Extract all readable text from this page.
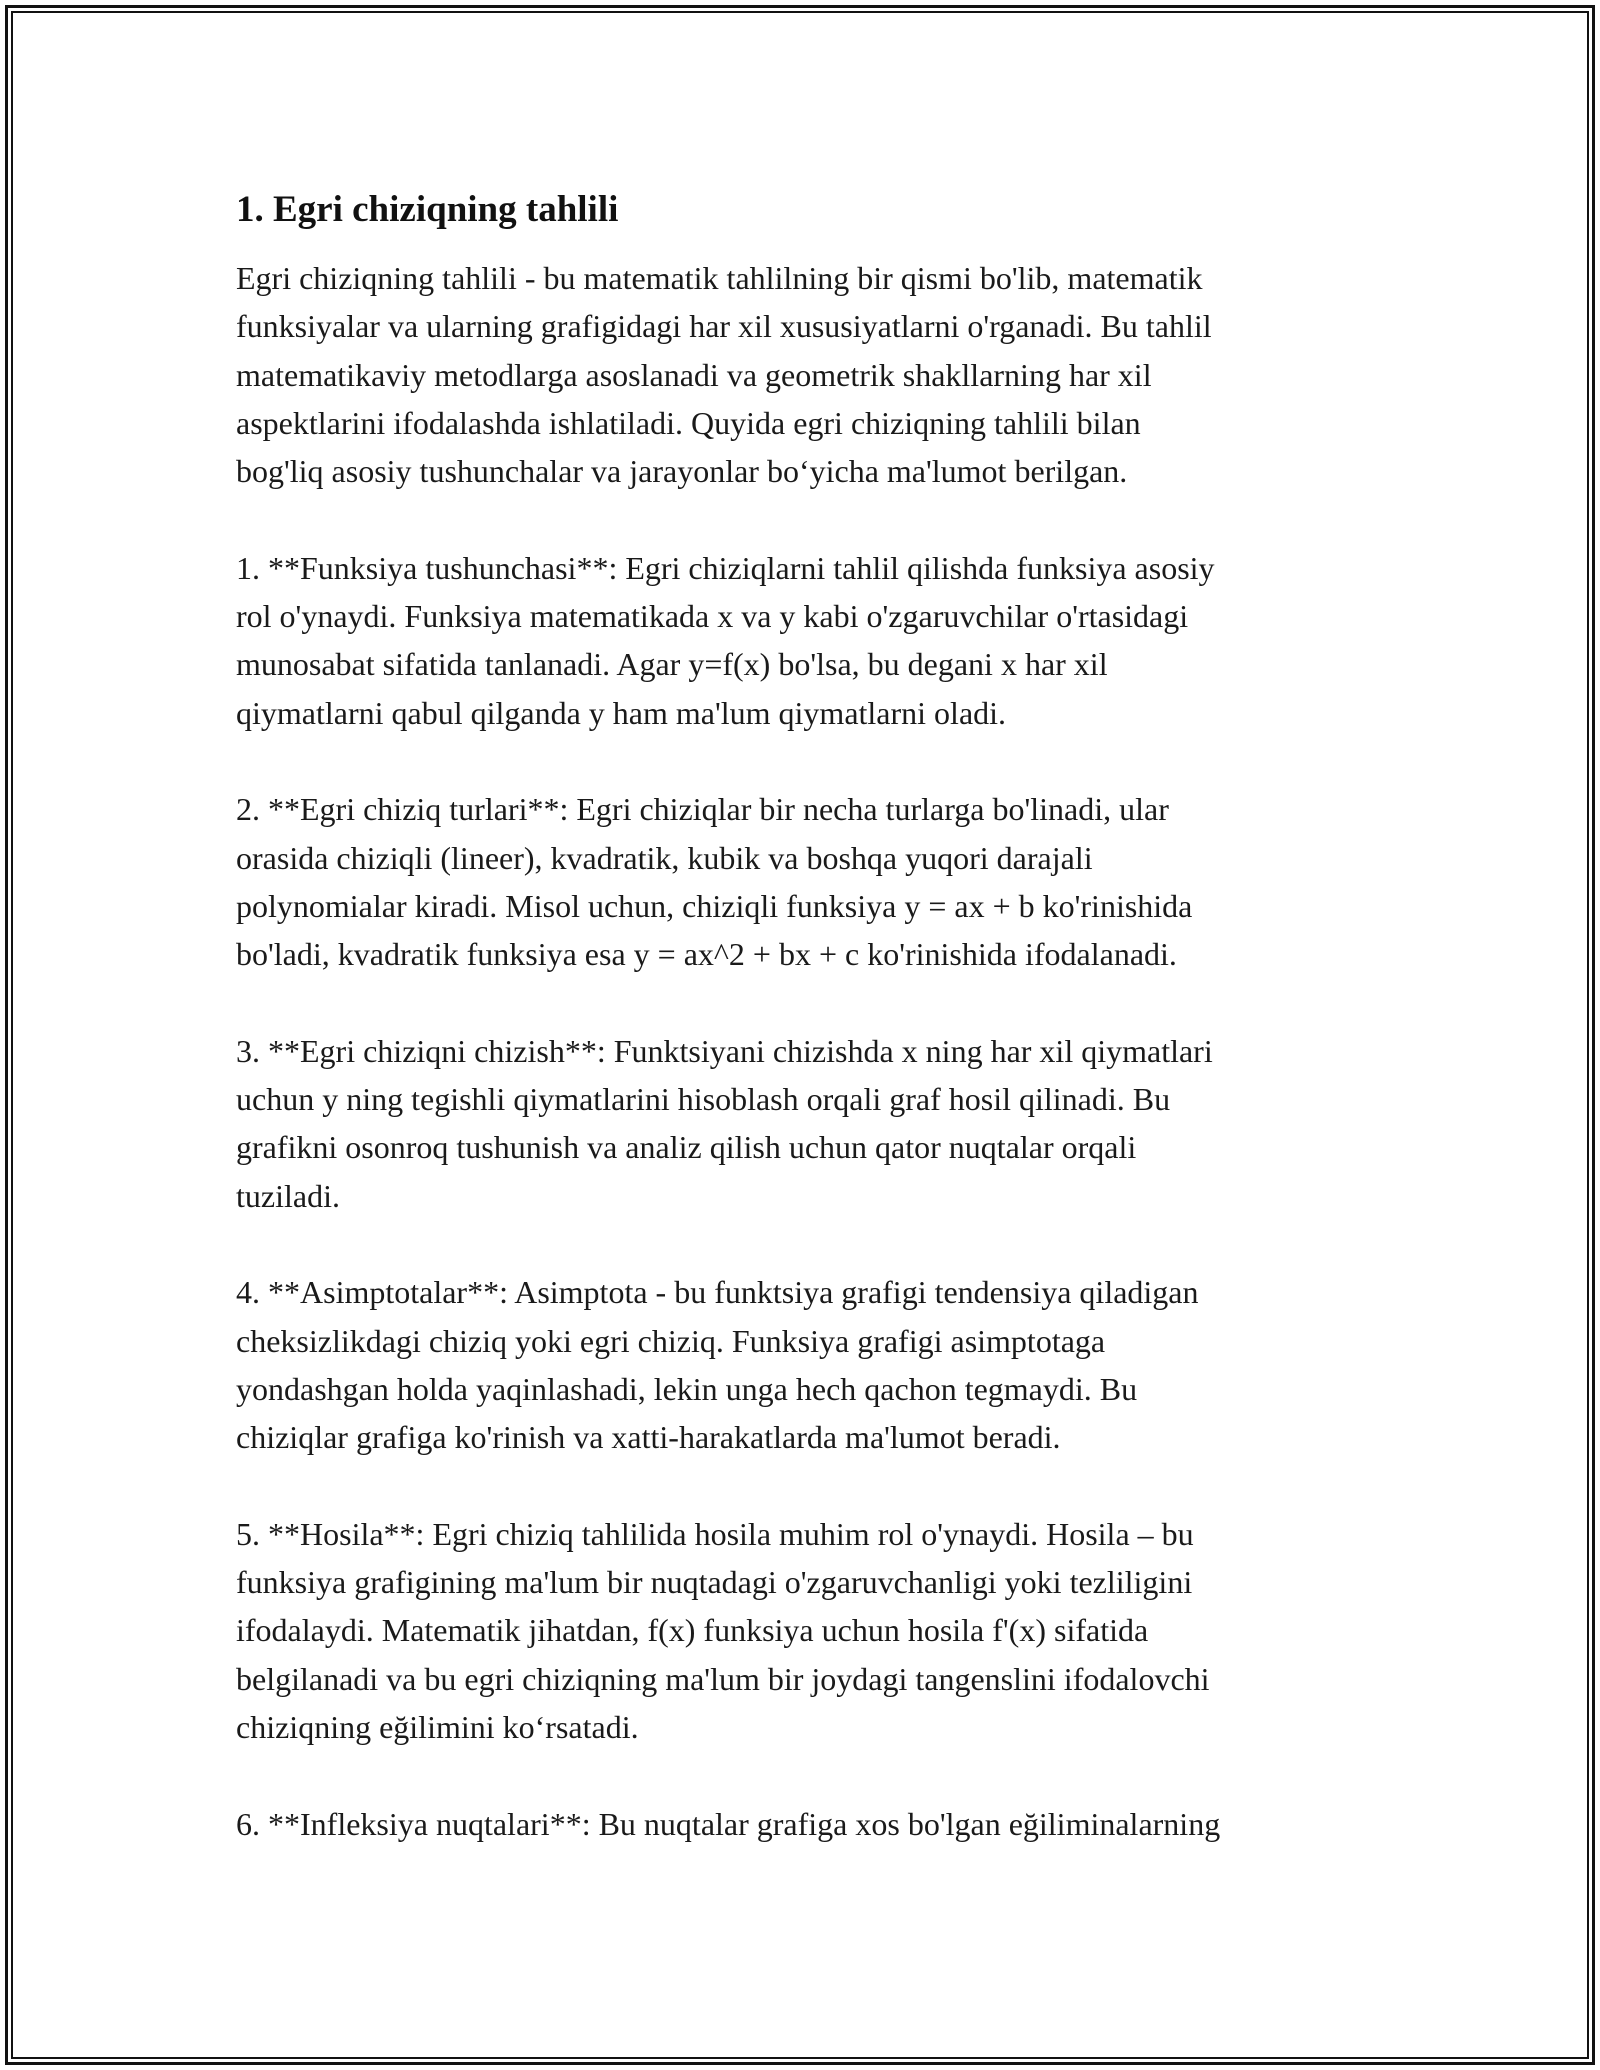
1. Egri chiziqning tahlili

Egri chiziqning tahlili - bu matematik tahlilning bir qismi bo'lib, matematik
funksiyalar va ularning grafigidagi har xil xususiyatlarni o'rganadi. Bu tahlil
matematikaviy metodlarga asoslanadi va geometrik shakllarning har xil
aspektlarini ifodalashda ishlatiladi. Quyida egri chiziqning tahlili bilan
bog'liq asosiy tushunchalar va jarayonlar bo‘yicha ma'lumot berilgan.

1. **Funksiya tushunchasi**: Egri chiziqlarni tahlil qilishda funksiya asosiy
rol o'ynaydi. Funksiya matematikada x va y kabi o'zgaruvchilar o'rtasidagi
munosabat sifatida tanlanadi. Agar y=f(x) bo'lsa, bu degani x har xil
qiymatlarni qabul qilganda y ham ma'lum qiymatlarni oladi.

2. **Egri chiziq turlari**: Egri chiziqlar bir necha turlarga bo'linadi, ular
orasida chiziqli (lineer), kvadratik, kubik va boshqa yuqori darajali
polynomialar kiradi. Misol uchun, chiziqli funksiya y = ax + b ko'rinishida
bo'ladi, kvadratik funksiya esa y = ax^2 + bx + c ko'rinishida ifodalanadi.

3. **Egri chiziqni chizish**: Funktsiyani chizishda x ning har xil qiymatlari
uchun y ning tegishli qiymatlarini hisoblash orqali graf hosil qilinadi. Bu
grafikni osonroq tushunish va analiz qilish uchun qator nuqtalar orqali
tuziladi.

4. **Asimptotalar**: Asimptota - bu funktsiya grafigi tendensiya qiladigan
cheksizlikdagi chiziq yoki egri chiziq. Funksiya grafigi asimptotaga
yondashgan holda yaqinlashadi, lekin unga hech qachon tegmaydi. Bu
chiziqlar grafiga ko'rinish va xatti-harakatlarda ma'lumot beradi.

5. **Hosila**: Egri chiziq tahlilida hosila muhim rol o'ynaydi. Hosila – bu
funksiya grafigining ma'lum bir nuqtadagi o'zgaruvchanligi yoki tezliligini
ifodalaydi. Matematik jihatdan, f(x) funksiya uchun hosila f'(x) sifatida
belgilanadi va bu egri chiziqning ma'lum bir joydagi tangenslini ifodalovchi
chiziqning eğilimini ko‘rsatadi.

6. **Infleksiya nuqtalari**: Bu nuqtalar grafiga xos bo'lgan eğiliminalarning
